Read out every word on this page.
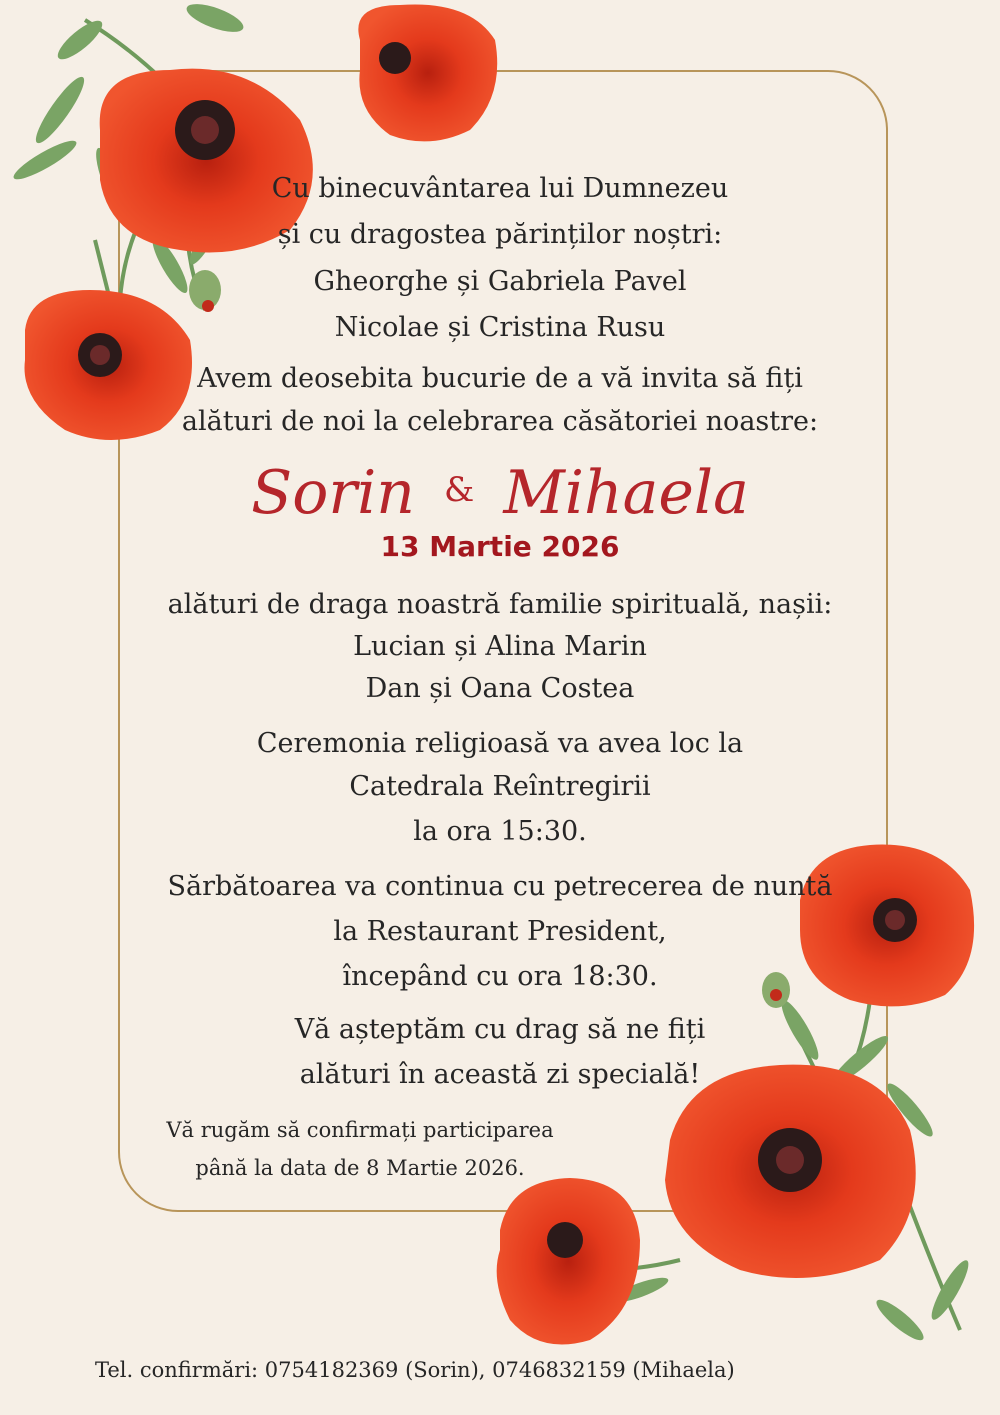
Cu binecuvântarea lui Dumnezeu
și cu dragostea părinților noștri:
Gheorghe și Gabriela Pavel
Nicolae și Cristina Rusu
Avem deosebita bucurie de a vă invita să fiți
alături de noi la celebrarea căsătoriei noastre:
Sorin & Mihaela
13 Martie 2026
alături de draga noastră familie spirituală, nașii:
Lucian și Alina Marin
Dan și Oana Costea
Ceremonia religioasă va avea loc la
Catedrala Reîntregirii
la ora 15:30.
Sărbătoarea va continua cu petrecerea de nuntă
la Restaurant President,
începând cu ora 18:30.
Vă așteptăm cu drag să ne fiți
alături în această zi specială!
Vă rugăm să confirmați participarea
până la data de 8 Martie 2026.
Tel. confirmări: 0754182369 (Sorin), 0746832159 (Mihaela)
